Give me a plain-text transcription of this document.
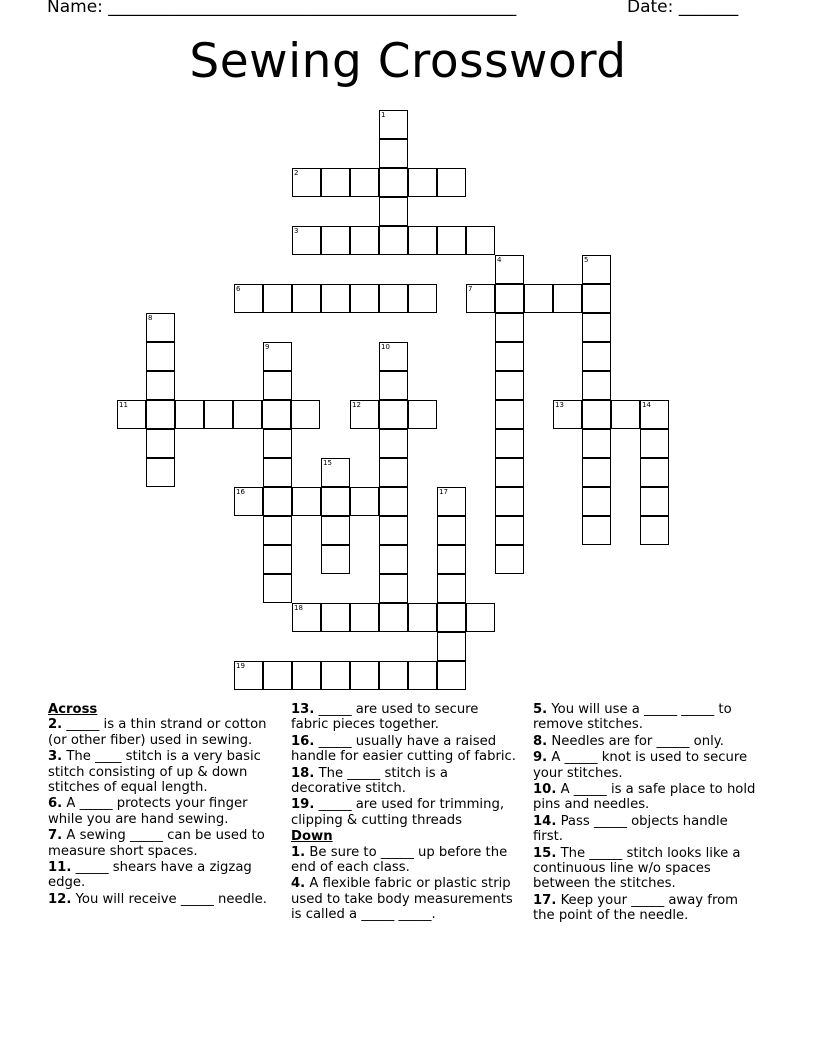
Name: ________________________________________________	Date: _______
Sewing Crossword
1
2
3
4	5
6	7
8
9	10
11	12	13	14
15
16	17
18
19

Across

2. _____ is a thin strand or cotton (or other fiber) used in sewing.

3. The ____ stitch is a very basic stitch consisting of up & down stitches of equal length.

6. A _____ protects your finger while you are hand sewing.

7. A sewing _____ can be used to measure short spaces.

11. _____ shears have a zigzag edge.

12. You will receive _____ needle.

13. _____ are used to secure fabric pieces together.

16. _____ usually have a raised handle for easier cutting of fabric.

18. The _____ stitch is a decorative stitch.

19. _____ are used for trimming, clipping & cutting threads

Down

1. Be sure to _____ up before the end of each class.

4. A flexible fabric or plastic strip used to take body measurements is called a _____ _____.

5. You will use a _____ _____ to remove stitches.

8. Needles are for _____ only.

9. A _____ knot is used to secure your stitches.

10. A _____ is a safe place to hold pins and needles.

14. Pass _____ objects handle first.

15. The _____ stitch looks like a continuous line w/o spaces between the stitches.

17. Keep your _____ away from the point of the needle.
